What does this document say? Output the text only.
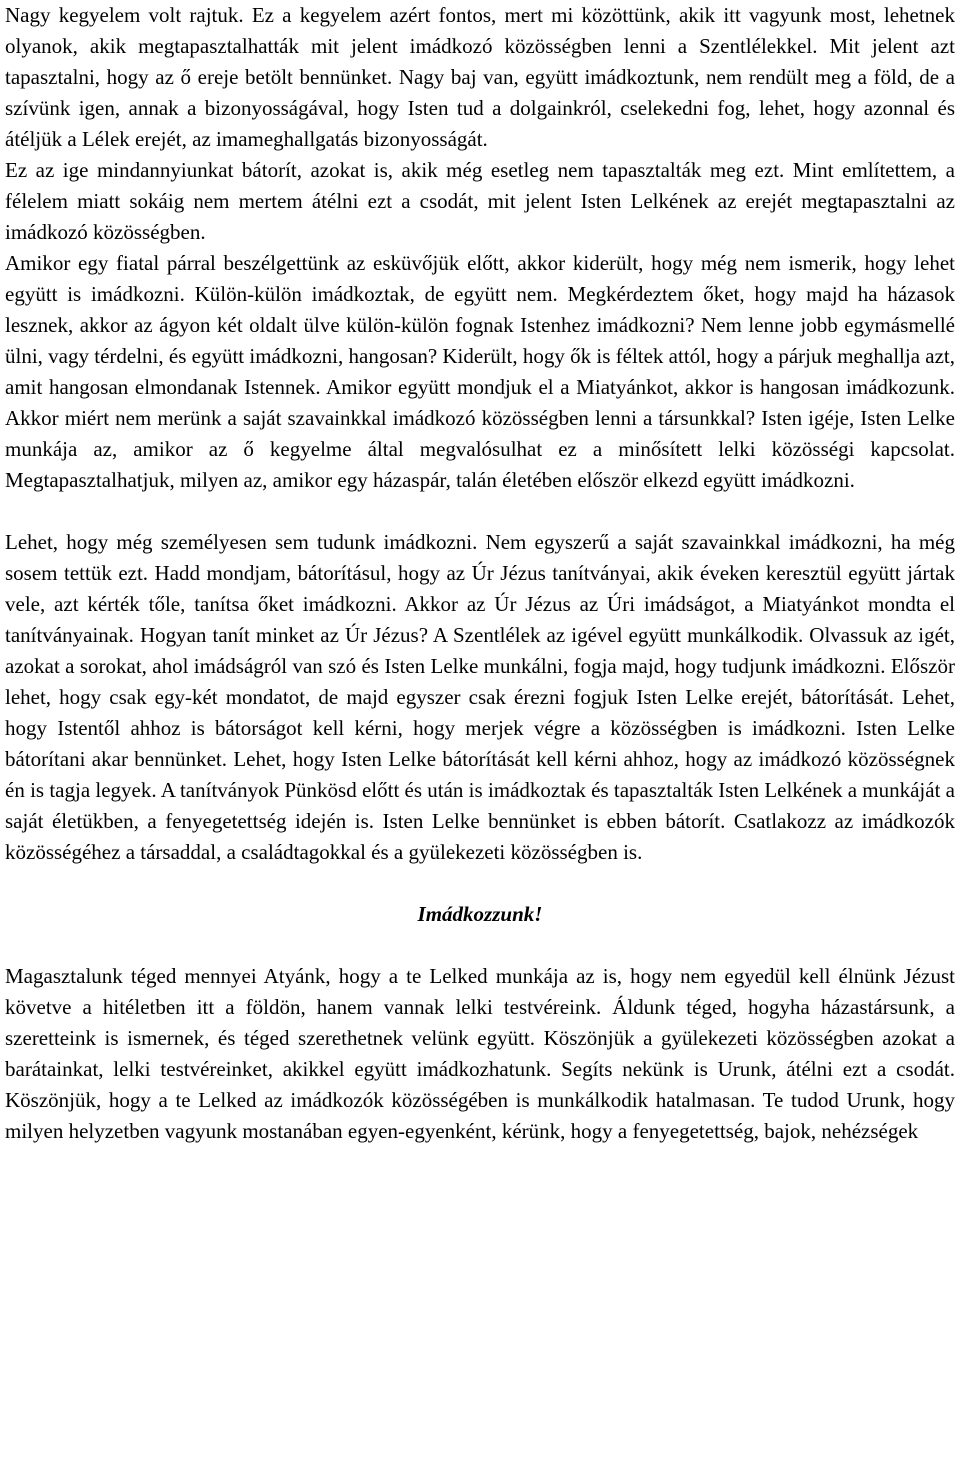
Nagy kegyelem volt rajtuk. Ez a kegyelem azért fontos, mert mi közöttünk, akik itt vagyunk most, lehetnek olyanok, akik megtapasztalhatták mit jelent imádkozó közösségben lenni a Szentlélekkel. Mit jelent azt tapasztalni, hogy az ő ereje betölt bennünket. Nagy baj van, együtt imádkoztunk, nem rendült meg a föld, de a szívünk igen, annak a bizonyosságával, hogy Isten tud a dolgainkról, cselekedni fog, lehet, hogy azonnal és átéljük a Lélek erejét, az imameghallgatás bizonyosságát.

Ez az ige mindannyiunkat bátorít, azokat is, akik még esetleg nem tapasztalták meg ezt. Mint említettem, a félelem miatt sokáig nem mertem átélni ezt a csodát, mit jelent Isten Lelkének az erejét megtapasztalni az imádkozó közösségben.

Amikor egy fiatal párral beszélgettünk az esküvőjük előtt, akkor kiderült, hogy még nem ismerik, hogy lehet együtt is imádkozni. Külön-külön imádkoztak, de együtt nem. Megkérdeztem őket, hogy majd ha házasok lesznek, akkor az ágyon két oldalt ülve külön-külön fognak Istenhez imádkozni? Nem lenne jobb egymásmellé ülni, vagy térdelni, és együtt imádkozni, hangosan? Kiderült, hogy ők is féltek attól, hogy a párjuk meghallja azt, amit hangosan elmondanak Istennek. Amikor együtt mondjuk el a Miatyánkot, akkor is hangosan imádkozunk. Akkor miért nem merünk a saját szavainkkal imádkozó közösségben lenni a társunkkal? Isten igéje, Isten Lelke munkája az, amikor az ő kegyelme által megvalósulhat ez a minősített lelki közösségi kapcsolat. Megtapasztalhatjuk, milyen az, amikor egy házaspár, talán életében először elkezd együtt imádkozni.

Lehet, hogy még személyesen sem tudunk imádkozni. Nem egyszerű a saját szavainkkal imádkozni, ha még sosem tettük ezt. Hadd mondjam, bátorításul, hogy az Úr Jézus tanítványai, akik éveken keresztül együtt jártak vele, azt kérték tőle, tanítsa őket imádkozni. Akkor az Úr Jézus az Úri imádságot, a Miatyánkot mondta el tanítványainak. Hogyan tanít minket az Úr Jézus? A Szentlélek az igével együtt munkálkodik. Olvassuk az igét, azokat a sorokat, ahol imádságról van szó és Isten Lelke munkálni, fogja majd, hogy tudjunk imádkozni. Először lehet, hogy csak egy-két mondatot, de majd egyszer csak érezni fogjuk Isten Lelke erejét, bátorítását. Lehet, hogy Istentől ahhoz is bátorságot kell kérni, hogy merjek végre a közösségben is imádkozni. Isten Lelke bátorítani akar bennünket. Lehet, hogy Isten Lelke bátorítását kell kérni ahhoz, hogy az imádkozó közösségnek én is tagja legyek. A tanítványok Pünkösd előtt és után is imádkoztak és tapasztalták Isten Lelkének a munkáját a saját életükben, a fenyegetettség idején is. Isten Lelke bennünket is ebben bátorít. Csatlakozz az imádkozók közösségéhez a társaddal, a családtagokkal és a gyülekezeti közösségben is.

Imádkozzunk!

Magasztalunk téged mennyei Atyánk, hogy a te Lelked munkája az is, hogy nem egyedül kell élnünk Jézust követve a hitéletben itt a földön, hanem vannak lelki testvéreink. Áldunk téged, hogyha házastársunk, a szeretteink is ismernek, és téged szerethetnek velünk együtt. Köszönjük a gyülekezeti közösségben azokat a barátainkat, lelki testvéreinket, akikkel együtt imádkozhatunk. Segíts nekünk is Urunk, átélni ezt a csodát. Köszönjük, hogy a te Lelked az imádkozók közösségében is munkálkodik hatalmasan. Te tudod Urunk, hogy milyen helyzetben vagyunk mostanában egyen-egyenként, kérünk, hogy a fenyegetettség, bajok, nehézségek
